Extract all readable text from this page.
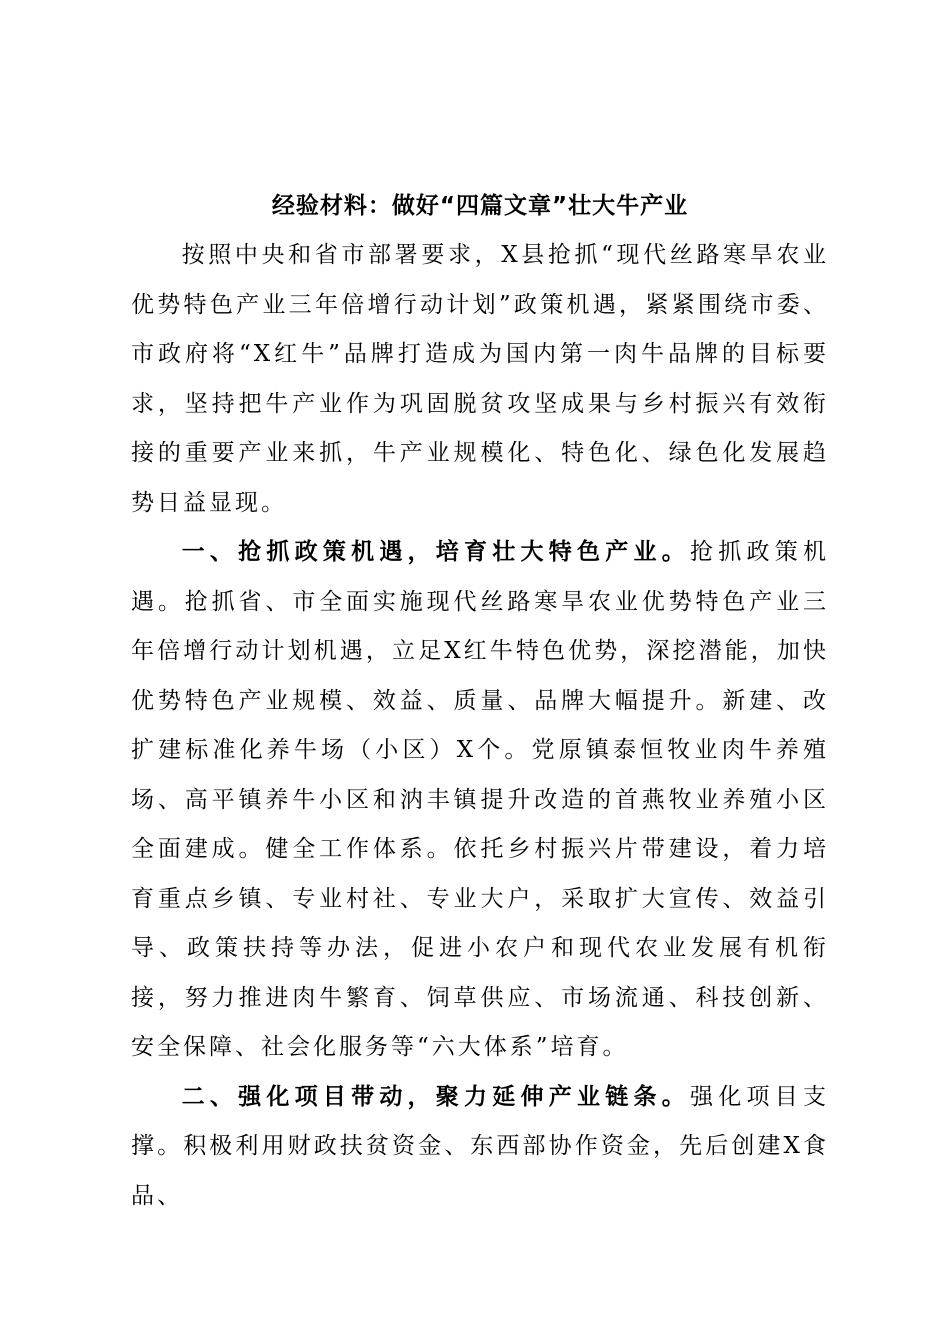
经验材料：做好“四篇文章”壮大牛产业

按照中央和省市部署要求，X县抢抓“现代丝路寒旱农业优势特色产业三年倍增行动计划”政策机遇，紧紧围绕市委、市政府将“X红牛”品牌打造成为国内第一肉牛品牌的目标要求，坚持把牛产业作为巩固脱贫攻坚成果与乡村振兴有效衔接的重要产业来抓，牛产业规模化、特色化、绿色化发展趋势日益显现。

一、抢抓政策机遇，培育壮大特色产业。抢抓政策机遇。抢抓省、市全面实施现代丝路寒旱农业优势特色产业三年倍增行动计划机遇，立足X红牛特色优势，深挖潜能，加快优势特色产业规模、效益、质量、品牌大幅提升。新建、改扩建标准化养牛场（小区）X个。党原镇泰恒牧业肉牛养殖场、高平镇养牛小区和汭丰镇提升改造的首燕牧业养殖小区全面建成。健全工作体系。依托乡村振兴片带建设，着力培育重点乡镇、专业村社、专业大户，采取扩大宣传、效益引导、政策扶持等办法，促进小农户和现代农业发展有机衔接，努力推进肉牛繁育、饲草供应、市场流通、科技创新、安全保障、社会化服务等“六大体系”培育。

二、强化项目带动，聚力延伸产业链条。强化项目支撑。积极利用财政扶贫资金、东西部协作资金，先后创建X食品、
